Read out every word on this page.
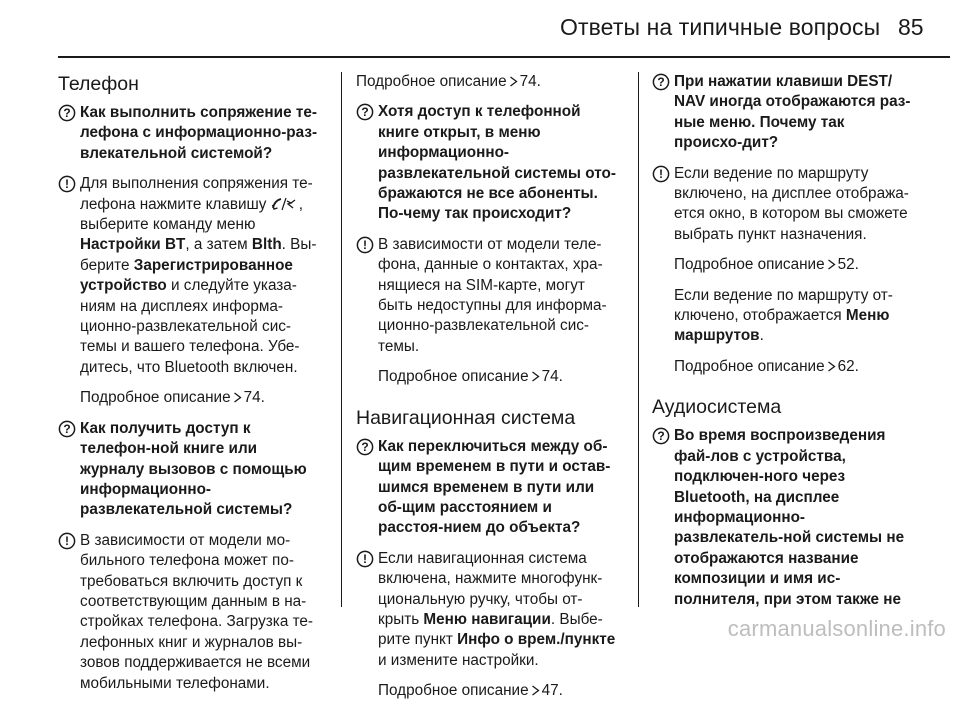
Ответы на типичные вопросы 85
Телефон
? Как выполнить сопряжение те-лефона с информационно-раз-влекательной системой?
! Для выполнения сопряжения те-лефона нажмите клавишу , выберите команду меню Настройки BT, а затем Blth. Вы-берите Зарегистрированное устройство и следуйте указа-ниям на дисплеях информа-ционно-развлекательной сис-темы и вашего телефона. Убе-дитесь, что Bluetooth включен.
Подробное описание 74.
? Как получить доступ к телефон-ной книге или журналу вызовов с помощью информационно-развлекательной системы?
! В зависимости от модели мо-бильного телефона может по-требоваться включить доступ к соответствующим данным в на-стройках телефона. Загрузка те-лефонных книг и журналов вы-зовов поддерживается не всеми мобильными телефонами.
Подробное описание 74.
? Хотя доступ к телефонной книге открыт, в меню информационно-развлекательной системы ото-бражаются не все абоненты. По-чему так происходит?
! В зависимости от модели теле-фона, данные о контактах, хра-нящиеся на SIM-карте, могут быть недоступны для информа-ционно-развлекательной сис-темы.
Подробное описание 74.
Навигационная система
? Как переключиться между об-щим временем в пути и остав-шимся временем в пути или об-щим расстоянием и расстоя-нием до объекта?
! Если навигационная система включена, нажмите многофунк-циональную ручку, чтобы от-крыть Меню навигации. Выбе-рите пункт Инфо о врем./пункте и измените настройки.
Подробное описание 47.
? При нажатии клавиши DEST/ NAV иногда отображаются раз-ные меню. Почему так происхо-дит?
! Если ведение по маршруту включено, на дисплее отобража-ется окно, в котором вы сможете выбрать пункт назначения.
Подробное описание 52.
Если ведение по маршруту от-ключено, отображается Меню маршрутов.
Подробное описание 62.
Аудиосистема
? Во время воспроизведения фай-лов с устройства, подключен-ного через Bluetooth, на дисплее информационно-развлекатель-ной системы не отображаются название композиции и имя ис-полнителя, при этом также не
carmanualsonline.info
